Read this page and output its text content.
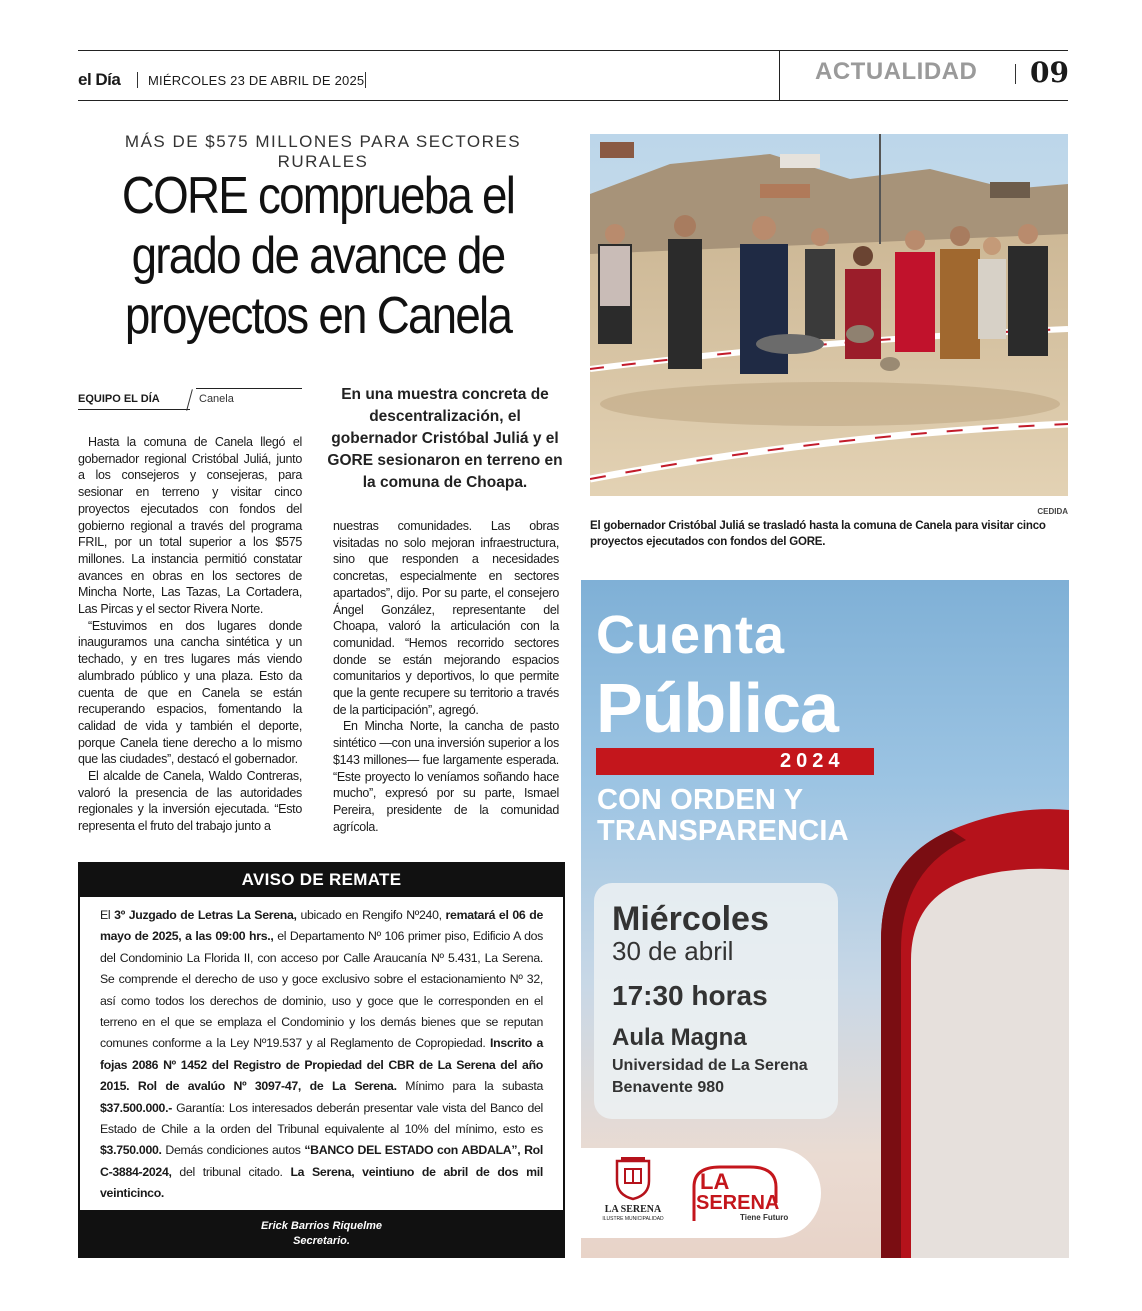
el Día MIÉRCOLES 23 DE ABRIL DE 2025	ACTUALIDAD 09
MÁS DE $575 MILLONES PARA SECTORES RURALES
CORE comprueba el
grado de avance de
proyectos en Canela
EQUIPO EL DÍA	Canela

Hasta la comuna de Canela llegó el gobernador regional Cristóbal Juliá, junto a los consejeros y consejeras, para sesionar en terreno y visitar cinco proyectos ejecutados con fondos del gobierno regional a través del programa FRIL, por un total superior a los $575 millones. La instancia permitió constatar avances en obras en los sectores de Mincha Norte, Las Tazas, La Cortadera, Las Pircas y el sector Rivera Norte.

“Estuvimos en dos lugares donde inauguramos una cancha sintética y un techado, y en tres lugares más viendo alumbrado público y una plaza. Esto da cuenta de que en Canela se están recuperando espacios, fomentando la calidad de vida y también el deporte, porque Canela tiene derecho a lo mismo que las ciudades”, destacó el gobernador.

El alcalde de Canela, Waldo Contreras, valoró la presencia de las autoridades regionales y la inversión ejecutada. “Esto representa el fruto del trabajo junto a

En una muestra concreta de descentralización, el gobernador Cristóbal Juliá y el GORE sesionaron en terreno en la comuna de Choapa.

nuestras comunidades. Las obras visitadas no solo mejoran infraestructura, sino que responden a necesidades concretas, especialmente en sectores apartados”, dijo. Por su parte, el consejero Ángel González, representante del Choapa, valoró la articulación con la comunidad. “Hemos recorrido sectores donde se están mejorando espacios comunitarios y deportivos, lo que permite que la gente recupere su territorio a través de la participación”, agregó.

En Mincha Norte, la cancha de pasto sintético —con una inversión superior a los $143 millones— fue largamente esperada. “Este proyecto lo veníamos soñando hace mucho”, expresó por su parte, Ismael Pereira, presidente de la comunidad agrícola.

CEDIDA
El gobernador Cristóbal Juliá se trasladó hasta la comuna de Canela para visitar cinco proyectos ejecutados con fondos del GORE.
AVISO DE REMATE
El 3º Juzgado de Letras La Serena, ubicado en Rengifo Nº240, rematará el 06 de mayo de 2025, a las 09:00 hrs., el Departamento Nº 106 primer piso, Edificio A dos del Condominio La Florida II, con acceso por Calle Araucanía Nº 5.431, La Serena. Se comprende el derecho de uso y goce exclusivo sobre el estacionamiento Nº 32, así como todos los derechos de dominio, uso y goce que le corresponden en el terreno en el que se emplaza el Condominio y los demás bienes que se reputan comunes conforme a la Ley Nº19.537 y al Reglamento de Copropiedad. Inscrito a fojas 2086 Nº 1452 del Registro de Propiedad del CBR de La Serena del año 2015. Rol de avalúo Nº 3097-47, de La Serena. Mínimo para la subasta $37.500.000.- Garantía: Los interesados deberán presentar vale vista del Banco del Estado de Chile a la orden del Tribunal equivalente al 10% del mínimo, esto es $3.750.000. Demás condiciones autos “BANCO DEL ESTADO con ABDALA”, Rol C-3884-2024, del tribunal citado. La Serena, veintiuno de abril de dos mil veinticinco.
Erick Barrios Riquelme
Secretario.
Cuenta
Pública
2024
CON ORDEN Y
TRANSPARENCIA
Miércoles
30 de abril
17:30 horas
Aula Magna
Universidad de La Serena
Benavente 980
LA SERENA
ILUSTRE MUNICIPALIDAD
LA
SERENA
Tiene Futuro
